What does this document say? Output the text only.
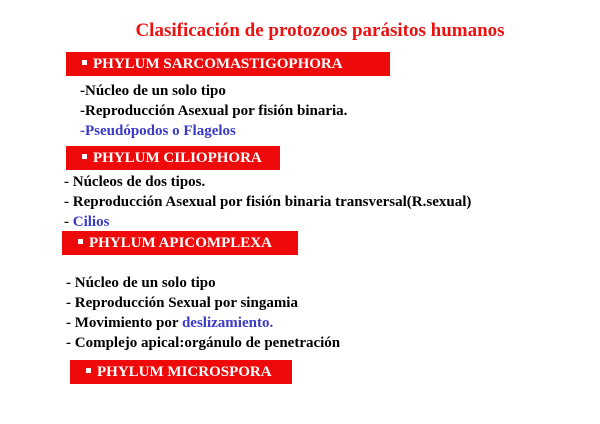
Clasificación de protozoos parásitos humanos
PHYLUM SARCOMASTIGOPHORA
-Núcleo de un solo tipo
-Reproducción Asexual por fisión binaria.
-Pseudópodos o Flagelos
PHYLUM CILIOPHORA
- Núcleos de dos tipos.
- Reproducción Asexual por fisión binaria transversal(R.sexual)
- Cilios
PHYLUM APICOMPLEXA
- Núcleo de un solo tipo
- Reproducción Sexual por singamia
- Movimiento por deslizamiento.
- Complejo apical:orgánulo de penetración
PHYLUM MICROSPORA
